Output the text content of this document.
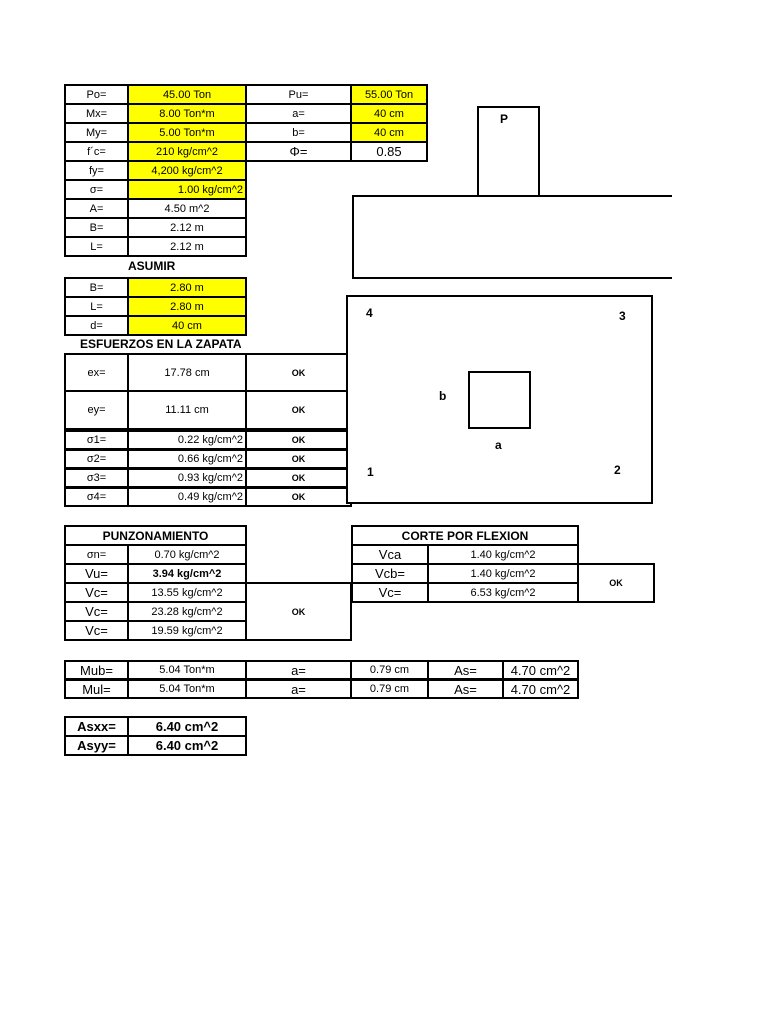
Po=	45.00 Ton	Pu=	55.00 Ton
Mx=	8.00 Ton*m	a=	40 cm
My=	5.00 Ton*m	b=	40 cm
f´c=	210 kg/cm^2	Φ=	0.85
fy=	4,200 kg/cm^2
σ=	1.00 kg/cm^2
A=	4.50 m^2
B=	2.12 m
L=	2.12 m
ASUMIR
B=	2.80 m
L=	2.80 m
d=	40 cm
ESFUERZOS EN LA ZAPATA
ex=	17.78 cm	OK
ey=	11.11 cm	OK
σ1=	0.22 kg/cm^2	OK
σ2=	0.66 kg/cm^2	OK
σ3=	0.93 kg/cm^2	OK
σ4=	0.49 kg/cm^2	OK
P
4	3
1	2
b
a
PUNZONAMIENTO
σn=	0.70 kg/cm^2
Vu=	3.94 kg/cm^2
Vc=	13.55 kg/cm^2
Vc=	23.28 kg/cm^2
Vc=	19.59 kg/cm^2
OK
CORTE POR FLEXION
Vca	1.40 kg/cm^2
Vcb=	1.40 kg/cm^2
Vc=	6.53 kg/cm^2
OK
Mub=	5.04 Ton*m	a=	0.79 cm	As=	4.70 cm^2
Mul=	5.04 Ton*m	a=	0.79 cm	As=	4.70 cm^2
Asxx=	6.40 cm^2
Asyy=	6.40 cm^2
